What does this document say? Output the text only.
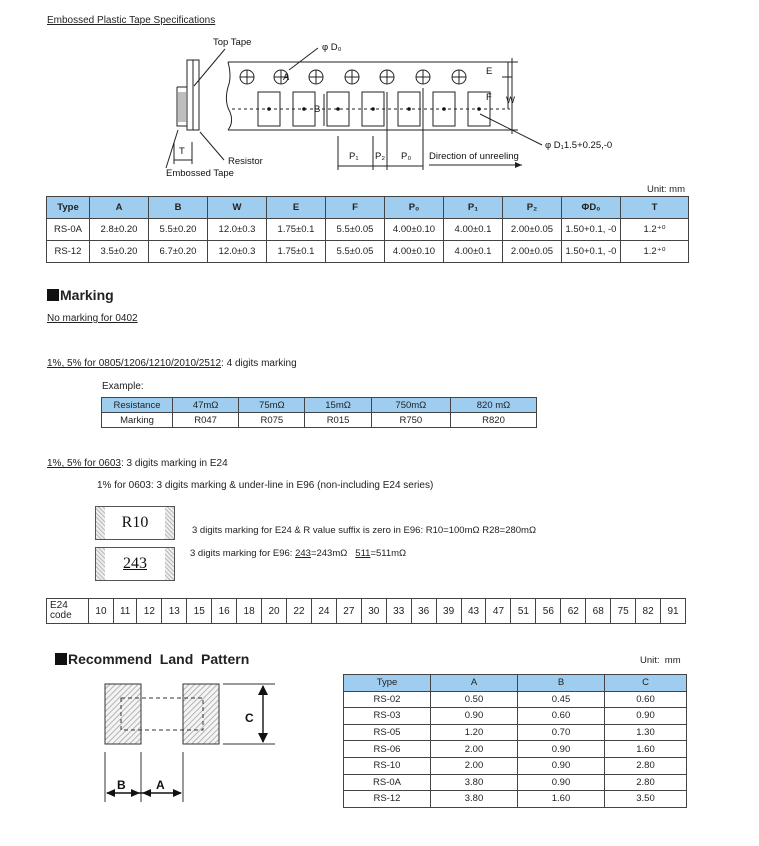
Embossed Plastic Tape Specifications
E
F W
Top Tape	φ D₀
A
B
T
Resistor
Embossed Tape
P₁ P₂ P₀ Direction of unreeling
φ D₁1.5+0.25,-0
Unit: mm
Type	A	B	W	E	F	P₀	P₁	P₂	ΦD₀	T
RS-0A	2.8±0.20	5.5±0.20	12.0±0.3	1.75±0.1	5.5±0.05	4.00±0.10	4.00±0.1	2.00±0.05	1.50+0.1, -0	1.2⁺⁰
RS-12	3.5±0.20	6.7±0.20	12.0±0.3	1.75±0.1	5.5±0.05	4.00±0.10	4.00±0.1	2.00±0.05	1.50+0.1, -0	1.2⁺⁰
Marking
No marking for 0402
1%, 5% for 0805/1206/1210/2010/2512: 4 digits marking
Example:
Resistance	47mΩ	75mΩ	15mΩ	750mΩ	820 mΩ
Marking	R047	R075	R015	R750	R820
1%, 5% for 0603: 3 digits marking in E24
1% for 0603: 3 digits marking & under-line in E96 (non-including E24 series)
R10
243
3 digits marking for E24 & R value suffix is zero in E96: R10=100mΩ R28=280mΩ
3 digits marking for E96: 243=243mΩ   511=511mΩ
E24
code	10	11	12	13	15	16	18	20	22	24	27	30	33	36	39	43	47	51	56	62	68	75	82	91
Recommend  Land  Pattern	Unit:  mm
C
B	A
Type	A	B	C
RS-02	0.50	0.45	0.60
RS-03	0.90	0.60	0.90
RS-05	1.20	0.70	1.30
RS-06	2.00	0.90	1.60
RS-10	2.00	0.90	2.80
RS-0A	3.80	0.90	2.80
RS-12	3.80	1.60	3.50
